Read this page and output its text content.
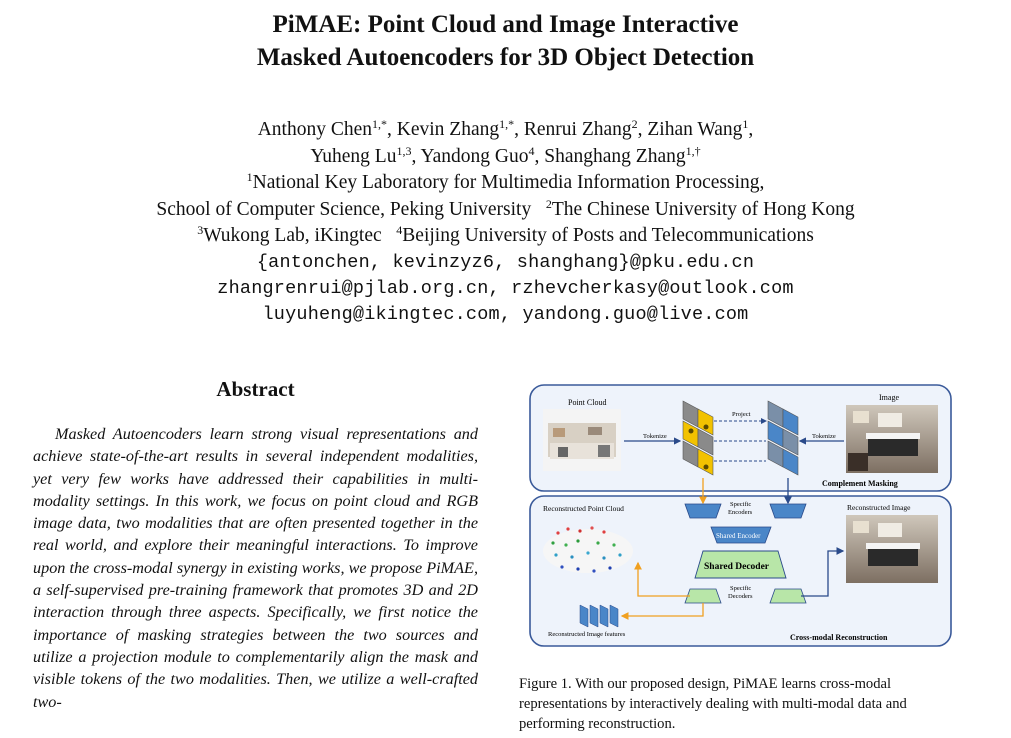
PiMAE: Point Cloud and Image Interactive
Masked Autoencoders for 3D Object Detection
Anthony Chen$^{1,*}$, Kevin Zhang$^{1,*}$, Renrui Zhang$^2$, Zihan Wang$^1$,
Yuheng Lu$^{1,3}$, Yandong Guo$^4$, Shanghang Zhang$^{1,\dagger}$
$^1$National Key Laboratory for Multimedia Information Processing,
School of Computer Science, Peking University $^2$The Chinese University of Hong Kong
$^3$Wukong Lab, iKingtec $^4$Beijing University of Posts and Telecommunications
{antonchen, kevinzyz6, shanghang}@pku.edu.cn
zhangrenrui@pjlab.org.cn, rzhevcherkasy@outlook.com
luyuheng@ikingtec.com, yandong.guo@live.com
Abstract

Masked Autoencoders learn strong visual representations and achieve state-of-the-art results in several independent modalities, yet very few works have addressed their capabilities in multi-modality settings. In this work, we focus on point cloud and RGB image data, two modalities that are often presented together in the real world, and explore their meaningful interactions. To improve upon the cross-modal synergy in existing works, we propose PiMAE, a self-supervised pre-training framework that promotes 3D and 2D interaction through three aspects. Specifically, we first notice the importance of masking strategies between the two sources and utilize a projection module to complementarily align the mask and visible tokens of the two modalities. Then, we utilize a well-crafted two-

Point Cloud
Image
Tokenize	Tokenize
Project
Complement Masking
Specific Encoders
Shared Encoder
Shared Decoder
Specific Decoders
Reconstructed Point Cloud	Reconstructed Image
Reconstructed Image features	Cross-modal Reconstruction
Figure 1. With our proposed design, PiMAE learns cross-modal representations by interactively dealing with multi-modal data and performing reconstruction.
